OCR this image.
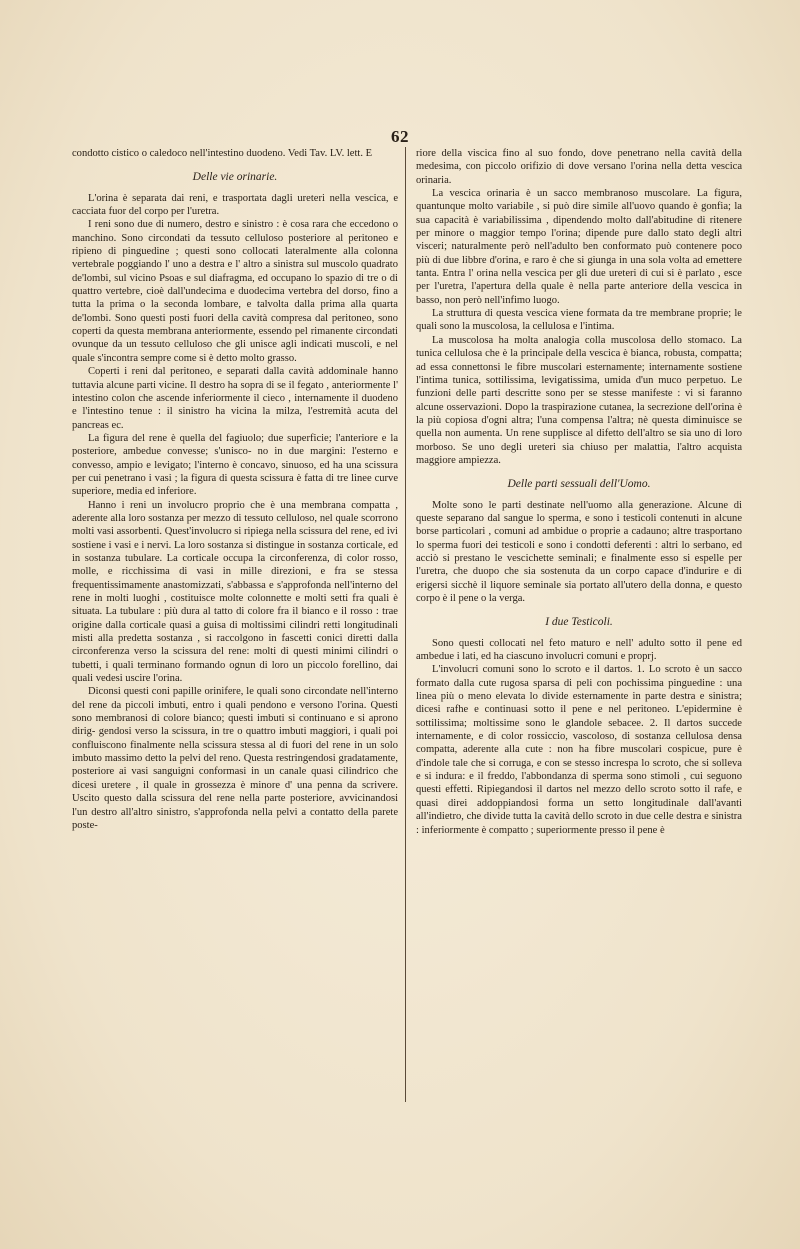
62

condotto cistico o caledoco nell'intestino duodeno. Vedi Tav. LV. lett. E

Delle vie orinarie.

L'orina è separata dai reni, e trasportata dagli ureteri nella vescica, e cacciata fuor del corpo per l'uretra.

I reni sono due di numero, destro e sinistro : è cosa rara che eccedono o manchino. Sono circondati da tessuto celluloso posteriore al peritoneo e ripieno di pinguedine ; questi sono collocati lateralmente alla colonna vertebrale poggiando l' uno a destra e l' altro a sinistra sul muscolo quadrato de'lombi, sul vicino Psoas e sul diafragma, ed occupano lo spazio di tre o di quattro vertebre, cioè dall'undecima e duodecima vertebra del dorso, fino a tutta la prima o la seconda lombare, e talvolta dalla prima alla quarta de'lombi. Sono questi posti fuori della cavità compresa dal peritoneo, sono coperti da questa membrana anteriormente, essendo pel rimanente circondati ovunque da un tessuto celluloso che gli unisce agli indicati muscoli, e nel quale s'incontra sempre come si è detto molto grasso.

Coperti i reni dal peritoneo, e separati dalla cavità addominale hanno tuttavia alcune parti vicine. Il destro ha sopra di se il fegato , anteriormente l' intestino colon che ascende inferiormente il cieco , internamente il duodeno e l'intestino tenue : il sinistro ha vicina la milza, l'estremità acuta del pancreas ec.

La figura del rene è quella del fagiuolo; due superficie; l'anteriore e la posteriore, ambedue convesse; s'unisco- no in due margini: l'esterno e convesso, ampio e levigato; l'interno è concavo, sinuoso, ed ha una scissura per cui penetrano i vasi ; la figura di questa scissura è fatta di tre linee curve superiore, media ed inferiore.

Hanno i reni un involucro proprio che è una membrana compatta , aderente alla loro sostanza per mezzo di tessuto celluloso, nel quale scorrono molti vasi assorbenti. Quest'involucro si ripiega nella scissura del rene, ed ivi sostiene i vasi e i nervi. La loro sostanza si distingue in sostanza corticale, ed in sostanza tubulare. La corticale occupa la circonferenza, di color rosso, molle, e ricchissima di vasi in mille direzioni, e fra se stessa frequentissimamente anastomizzati, s'abbassa e s'approfonda nell'interno del rene in molti luoghi , costituisce molte colonnette e molti setti fra quali è situata. La tubulare : più dura al tatto di colore fra il bianco e il rosso : trae origine dalla corticale quasi a guisa di moltissimi cilindri retti longitudinali misti alla predetta sostanza , si raccolgono in fascetti conici diretti dalla circonferenza verso la scissura del rene: molti di questi minimi cilindri o tubetti, i quali terminano formando ognun di loro un piccolo forellino, dai quali vedesi uscire l'orina.

Diconsi questi coni papille orinifere, le quali sono circondate nell'interno del rene da piccoli imbuti, entro i quali pendono e versono l'orina. Questi sono membranosi di colore bianco; questi imbuti si continuano e si aprono dirig- gendosi verso la scissura, in tre o quattro imbuti maggiori, i quali poi confluiscono finalmente nella scissura stessa al di fuori del rene in un solo imbuto massimo detto la pelvi del reno. Questa restringendosi gradatamente, posteriore ai vasi sanguigni conformasi in un canale quasi cilindrico che dicesi uretere , il quale in grossezza è minore d' una penna da scrivere. Uscito questo dalla scissura del rene nella parte posteriore, avvicinandosi l'un destro all'altro sinistro, s'approfonda nella pelvi a contatto della parete poste-

riore della viscica fino al suo fondo, dove penetrano nella cavità della medesima, con piccolo orifizio di dove versano l'orina nella detta vescica orinaria.

La vescica orinaria è un sacco membranoso muscolare. La figura, quantunque molto variabile , si può dire simile all'uovo quando è gonfia; la sua capacità è variabilissima , dipendendo molto dall'abitudine di ritenere per minore o maggior tempo l'orina; dipende pure dallo stato degli altri visceri; naturalmente però nell'adulto ben conformato può contenere poco più di due libbre d'orina, e raro è che si giunga in una sola volta ad emettere tanta. Entra l' orina nella vescica per gli due ureteri di cui si è parlato , esce per l'uretra, l'apertura della quale è nella parte anteriore della vescica in basso, non però nell'infimo luogo.

La struttura di questa vescica viene formata da tre membrane proprie; le quali sono la muscolosa, la cellulosa e l'intima.

La muscolosa ha molta analogia colla muscolosa dello stomaco. La tunica cellulosa che è la principale della vescica è bianca, robusta, compatta; ad essa connettonsi le fibre muscolari esternamente; internamente sostiene l'intima tunica, sottilissima, levigatissima, umida d'un muco perpetuo. Le funzioni delle parti descritte sono per se stesse manifeste : vi si faranno alcune osservazioni. Dopo la traspirazione cutanea, la secrezione dell'orina è la più copiosa d'ogni altra; l'una compensa l'altra; nè questa diminuisce se quella non aumenta. Un rene supplisce al difetto dell'altro se sia uno di loro morboso. Se uno degli ureteri sia chiuso per malattia, l'altro acquista maggiore ampiezza.

Delle parti sessuali dell'Uomo.

Molte sono le parti destinate nell'uomo alla generazione. Alcune di queste separano dal sangue lo sperma, e sono i testicoli contenuti in alcune borse particolari , comuni ad ambidue o proprie a cadauno; altre trasportano lo sperma fuori dei testicoli e sono i condotti deferenti : altri lo serbano, ed acciò si prestano le vescichette seminali; e finalmente esso si espelle per l'uretra, che duopo che sia sostenuta da un corpo capace d'indurire e di erigersi sicchè il liquore seminale sia portato all'utero della donna, e questo corpo è il pene o la verga.

I due Testicoli.

Sono questi collocati nel feto maturo e nell' adulto sotto il pene ed ambedue i lati, ed ha ciascuno involucri comuni e proprj.

L'involucri comuni sono lo scroto e il dartos. 1. Lo scroto è un sacco formato dalla cute rugosa sparsa di peli con pochissima pinguedine : una linea più o meno elevata lo divide esternamente in parte destra e sinistra; dicesi rafhe e continuasi sotto il pene e nel peritoneo. L'epidermine è sottilissima; moltissime sono le glandole sebacee. 2. Il dartos succede internamente, e di color rossiccio, vascoloso, di sostanza cellulosa densa compatta, aderente alla cute : non ha fibre muscolari cospicue, pure è d'indole tale che si corruga, e con se stesso increspa lo scroto, che si solleva e si indura: e il freddo, l'abbondanza di sperma sono stimoli , cui seguono questi effetti. Ripiegandosi il dartos nel mezzo dello scroto sotto il rafe, e quasi direi addoppiandosi forma un setto longitudinale dall'avanti all'indietro, che divide tutta la cavità dello scroto in due celle destra e sinistra : inferiormente è compatto ; superiormente presso il pene è
